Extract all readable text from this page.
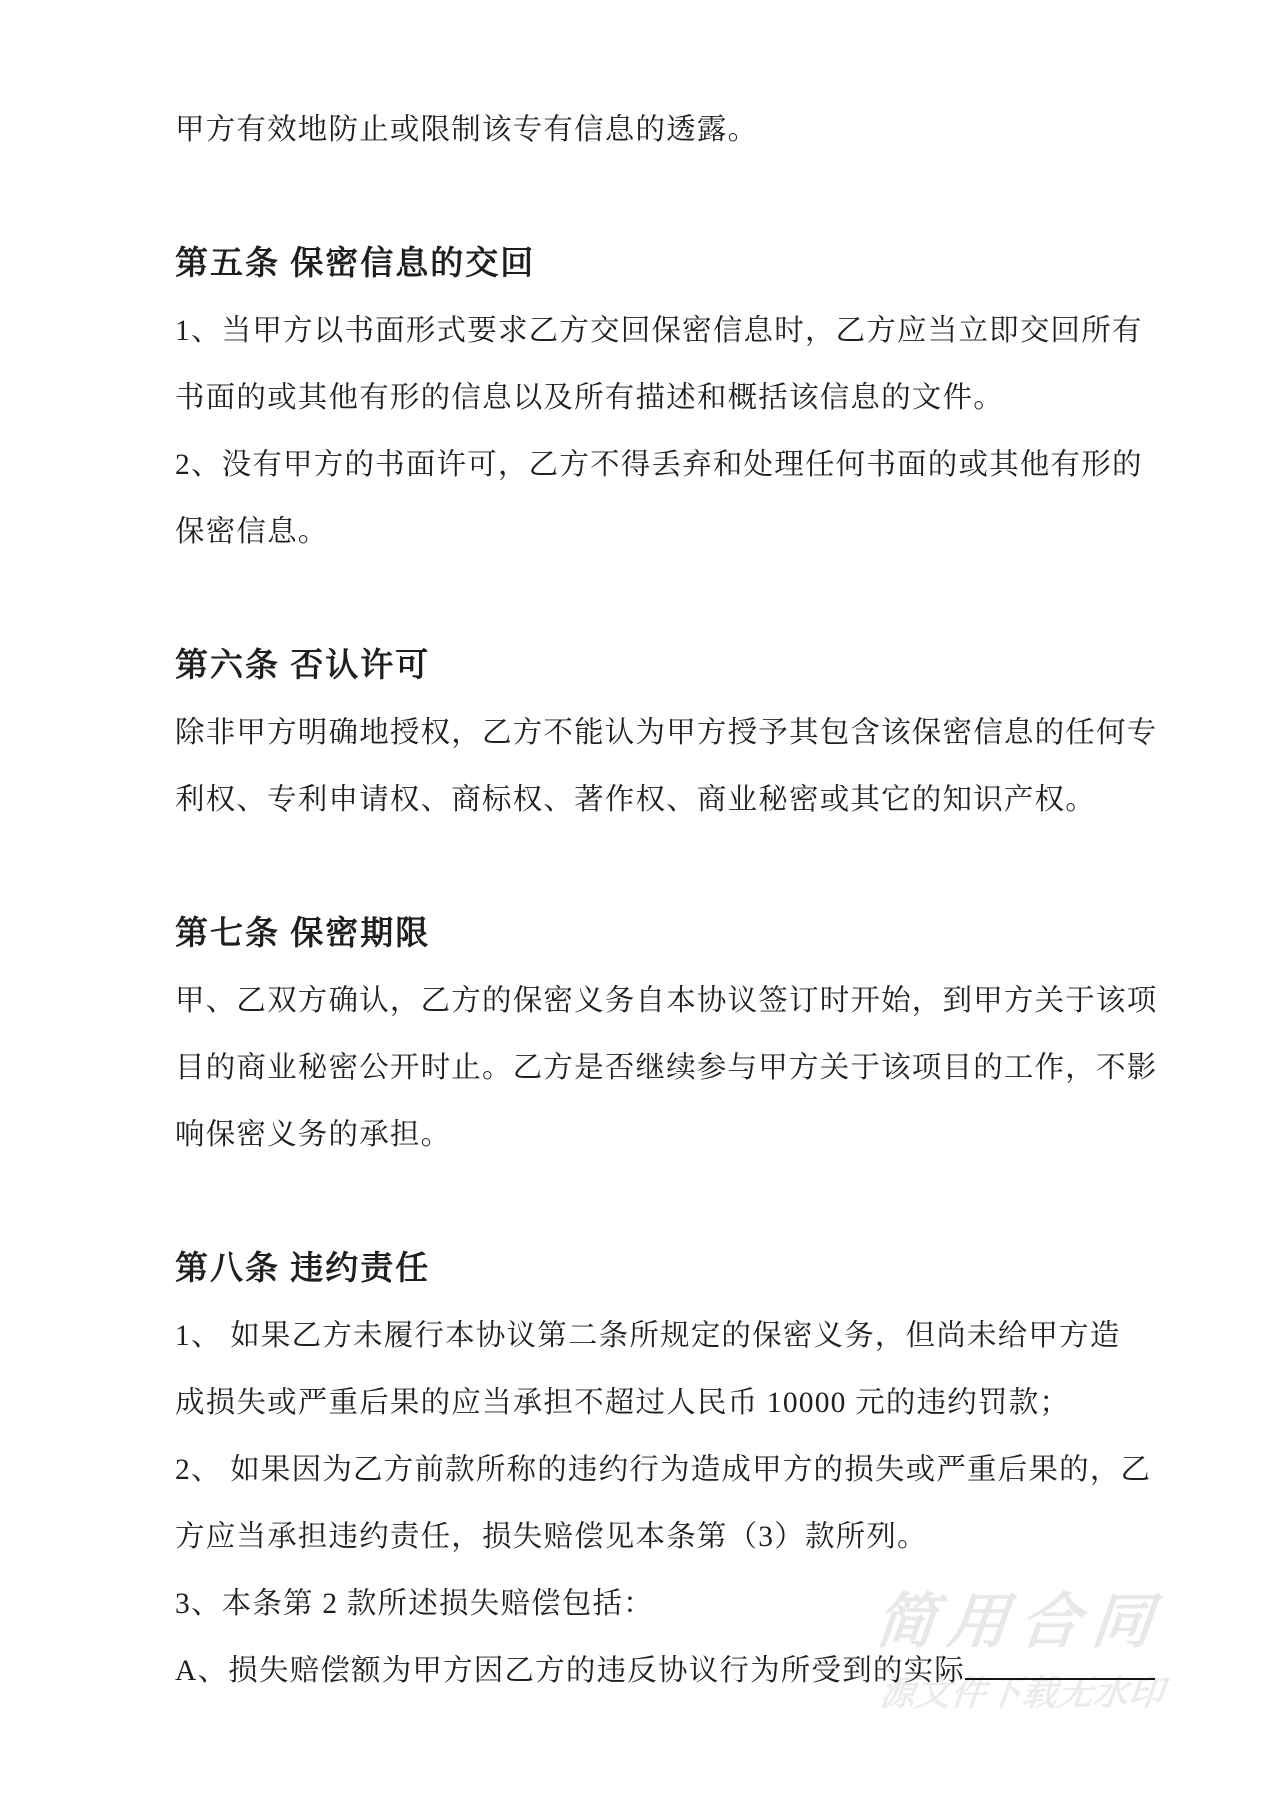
简用合同
源文件下载无水印
甲方有效地防止或限制该专有信息的透露。
第五条 保密信息的交回
1、当甲方以书面形式要求乙方交回保密信息时，乙方应当立即交回所有
书面的或其他有形的信息以及所有描述和概括该信息的文件。
2、没有甲方的书面许可，乙方不得丢弃和处理任何书面的或其他有形的
保密信息。
第六条 否认许可
除非甲方明确地授权，乙方不能认为甲方授予其包含该保密信息的任何专
利权、专利申请权、商标权、著作权、商业秘密或其它的知识产权。
第七条 保密期限
甲、乙双方确认，乙方的保密义务自本协议签订时开始，到甲方关于该项
目的商业秘密公开时止。乙方是否继续参与甲方关于该项目的工作，不影
响保密义务的承担。
第八条 违约责任
1、 如果乙方未履行本协议第二条所规定的保密义务，但尚未给甲方造
成损失或严重后果的应当承担不超过人民币 10000 元的违约罚款；
2、 如果因为乙方前款所称的违约行为造成甲方的损失或严重后果的，乙
方应当承担违约责任，损失赔偿见本条第（3）款所列。
3、本条第 2 款所述损失赔偿包括：
A、损失赔偿额为甲方因乙方的违反协议行为所受到的实际
